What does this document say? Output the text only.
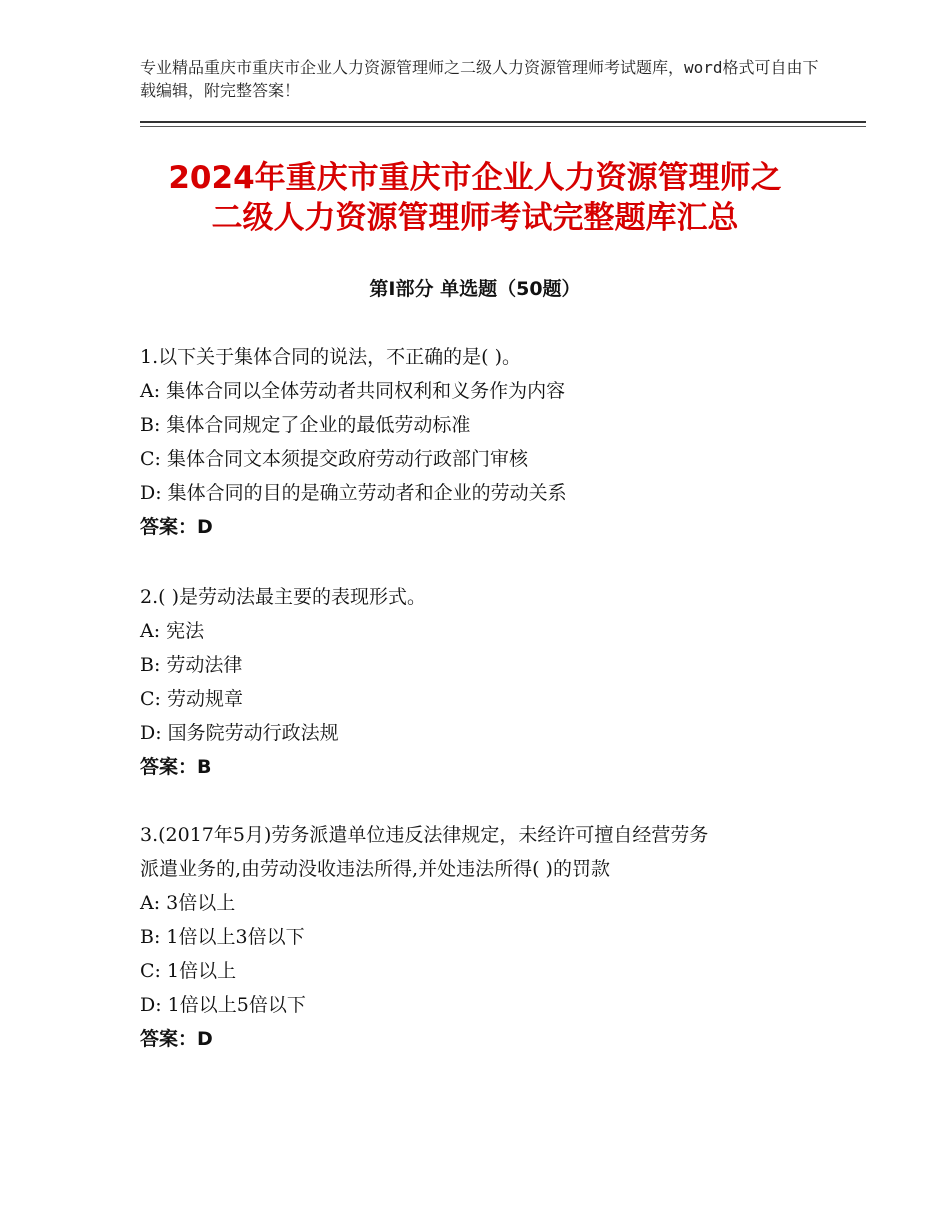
专业精品重庆市重庆市企业人力资源管理师之二级人力资源管理师考试题库，word格式可自由下载编辑，附完整答案！
2024年重庆市重庆市企业人力资源管理师之
二级人力资源管理师考试完整题库汇总
第Ⅰ部分 单选题（50题）
1.以下关于集体合同的说法，不正确的是( )。
A: 集体合同以全体劳动者共同权利和义务作为内容
B: 集体合同规定了企业的最低劳动标准
C: 集体合同文本须提交政府劳动行政部门审核
D: 集体合同的目的是确立劳动者和企业的劳动关系
答案：D
2.( )是劳动法最主要的表现形式。
A: 宪法
B: 劳动法律
C: 劳动规章
D: 国务院劳动行政法规
答案：B
3.(2017年5月)劳务派遣单位违反法律规定，未经许可擅自经营劳务
派遣业务的,由劳动没收违法所得,并处违法所得( )的罚款
A: 3倍以上
B: 1倍以上3倍以下
C: 1倍以上
D: 1倍以上5倍以下
答案：D
